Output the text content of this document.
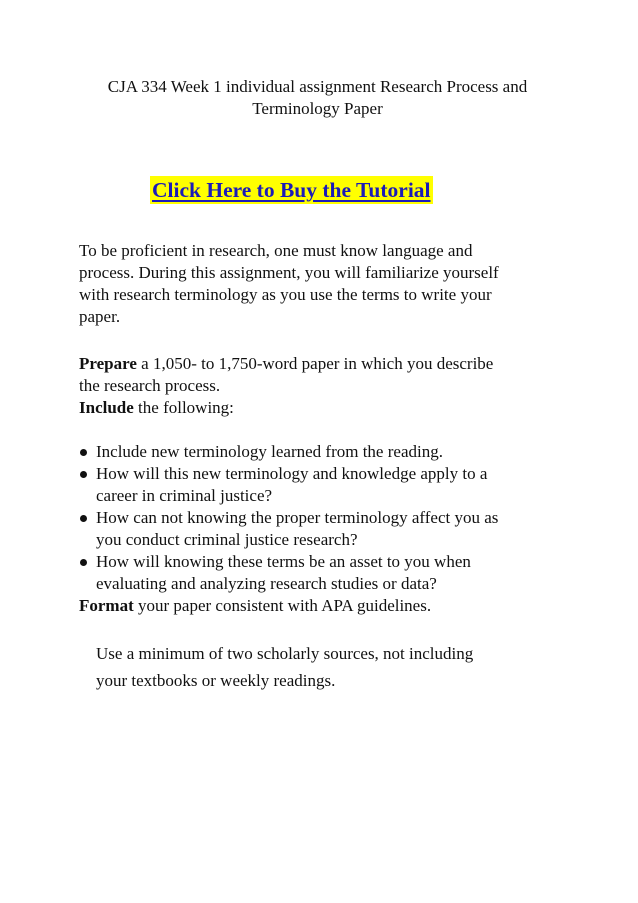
CJA 334 Week 1 individual assignment Research Process and
Terminology Paper
Click Here to Buy the Tutorial
To be proficient in research, one must know language and
process. During this assignment, you will familiarize yourself
with research terminology as you use the terms to write your
paper.
Prepare a 1,050- to 1,750-word paper in which you describe
the research process.
Include the following:
Include new terminology learned from the reading.
How will this new terminology and knowledge apply to a
career in criminal justice?
How can not knowing the proper terminology affect you as
you conduct criminal justice research?
How will knowing these terms be an asset to you when
evaluating and analyzing research studies or data?
Format your paper consistent with APA guidelines.
Use a minimum of two scholarly sources, not including
your textbooks or weekly readings.
